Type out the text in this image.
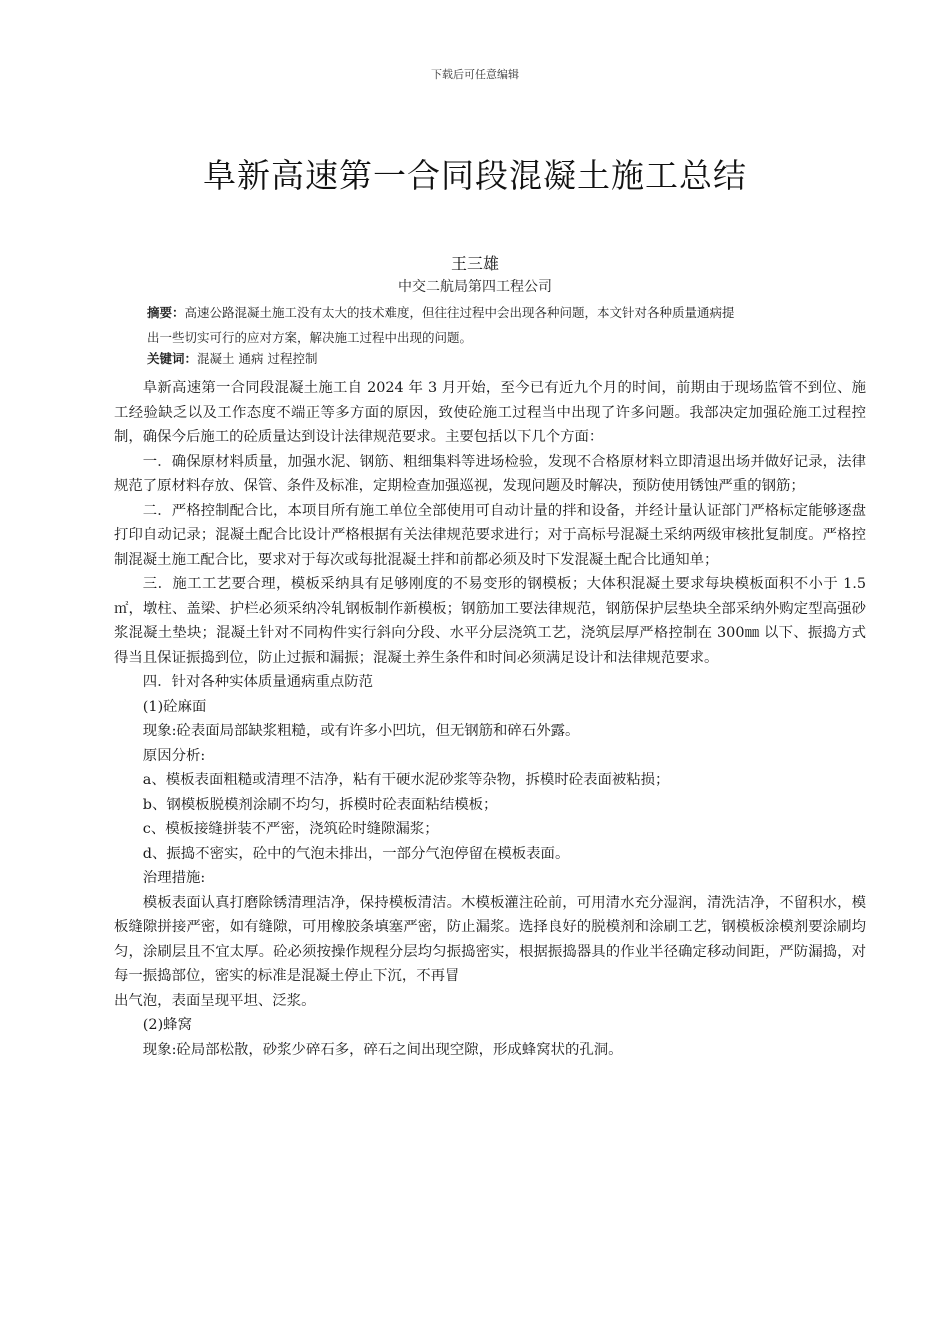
下载后可任意编辑
阜新高速第一合同段混凝土施工总结
王三雄
中交二航局第四工程公司
摘要：高速公路混凝土施工没有太大的技术难度，但往往过程中会出现各种问题，本文针对各种质量通病提
出一些切实可行的应对方案，解决施工过程中出现的问题。
关键词：混凝土 通病 过程控制

阜新高速第一合同段混凝土施工自 2024 年 3 月开始，至今已有近九个月的时间，前期由于现场监管不到位、施工经验缺乏以及工作态度不端正等多方面的原因，致使砼施工过程当中出现了许多问题。我部决定加强砼施工过程控制，确保今后施工的砼质量达到设计法律规范要求。主要包括以下几个方面：

一．确保原材料质量，加强水泥、钢筋、粗细集料等进场检验，发现不合格原材料立即清退出场并做好记录，法律规范了原材料存放、保管、条件及标准，定期检查加强巡视，发现问题及时解决，预防使用锈蚀严重的钢筋；

二．严格控制配合比，本项目所有施工单位全部使用可自动计量的拌和设备，并经计量认证部门严格标定能够逐盘打印自动记录；混凝土配合比设计严格根据有关法律规范要求进行；对于高标号混凝土采纳两级审核批复制度。严格控制混凝土施工配合比，要求对于每次或每批混凝土拌和前都必须及时下发混凝土配合比通知单；

三．施工工艺要合理，模板采纳具有足够刚度的不易变形的钢模板；大体积混凝土要求每块模板面积不小于 1.5㎡，墩柱、盖梁、护栏必须采纳冷轧钢板制作新模板；钢筋加工要法律规范，钢筋保护层垫块全部采纳外购定型高强砂浆混凝土垫块；混凝土针对不同构件实行斜向分段、水平分层浇筑工艺，浇筑层厚严格控制在 300㎜ 以下、振捣方式得当且保证振捣到位，防止过振和漏振；混凝土养生条件和时间必须满足设计和法律规范要求。

四．针对各种实体质量通病重点防范

(1)砼麻面

现象:砼表面局部缺浆粗糙，或有许多小凹坑，但无钢筋和碎石外露。

原因分析:

a、模板表面粗糙或清理不洁净，粘有干硬水泥砂浆等杂物，拆模时砼表面被粘损；

b、钢模板脱模剂涂刷不均匀，拆模时砼表面粘结模板；

c、模板接缝拼装不严密，浇筑砼时缝隙漏浆；

d、振捣不密实，砼中的气泡未排出，一部分气泡停留在模板表面。

治理措施:

模板表面认真打磨除锈清理洁净，保持模板清洁。木模板灌注砼前，可用清水充分湿润，清洗洁净，不留积水，模板缝隙拼接严密，如有缝隙，可用橡胶条填塞严密，防止漏浆。选择良好的脱模剂和涂刷工艺，钢模板涂模剂要涂刷均匀，涂刷层且不宜太厚。砼必须按操作规程分层均匀振捣密实，根据振捣器具的作业半径确定移动间距，严防漏捣，对每一振捣部位，密实的标准是混凝土停止下沉，不再冒

出气泡，表面呈现平坦、泛浆。

(2)蜂窝

现象:砼局部松散，砂浆少碎石多，碎石之间出现空隙，形成蜂窝状的孔洞。
